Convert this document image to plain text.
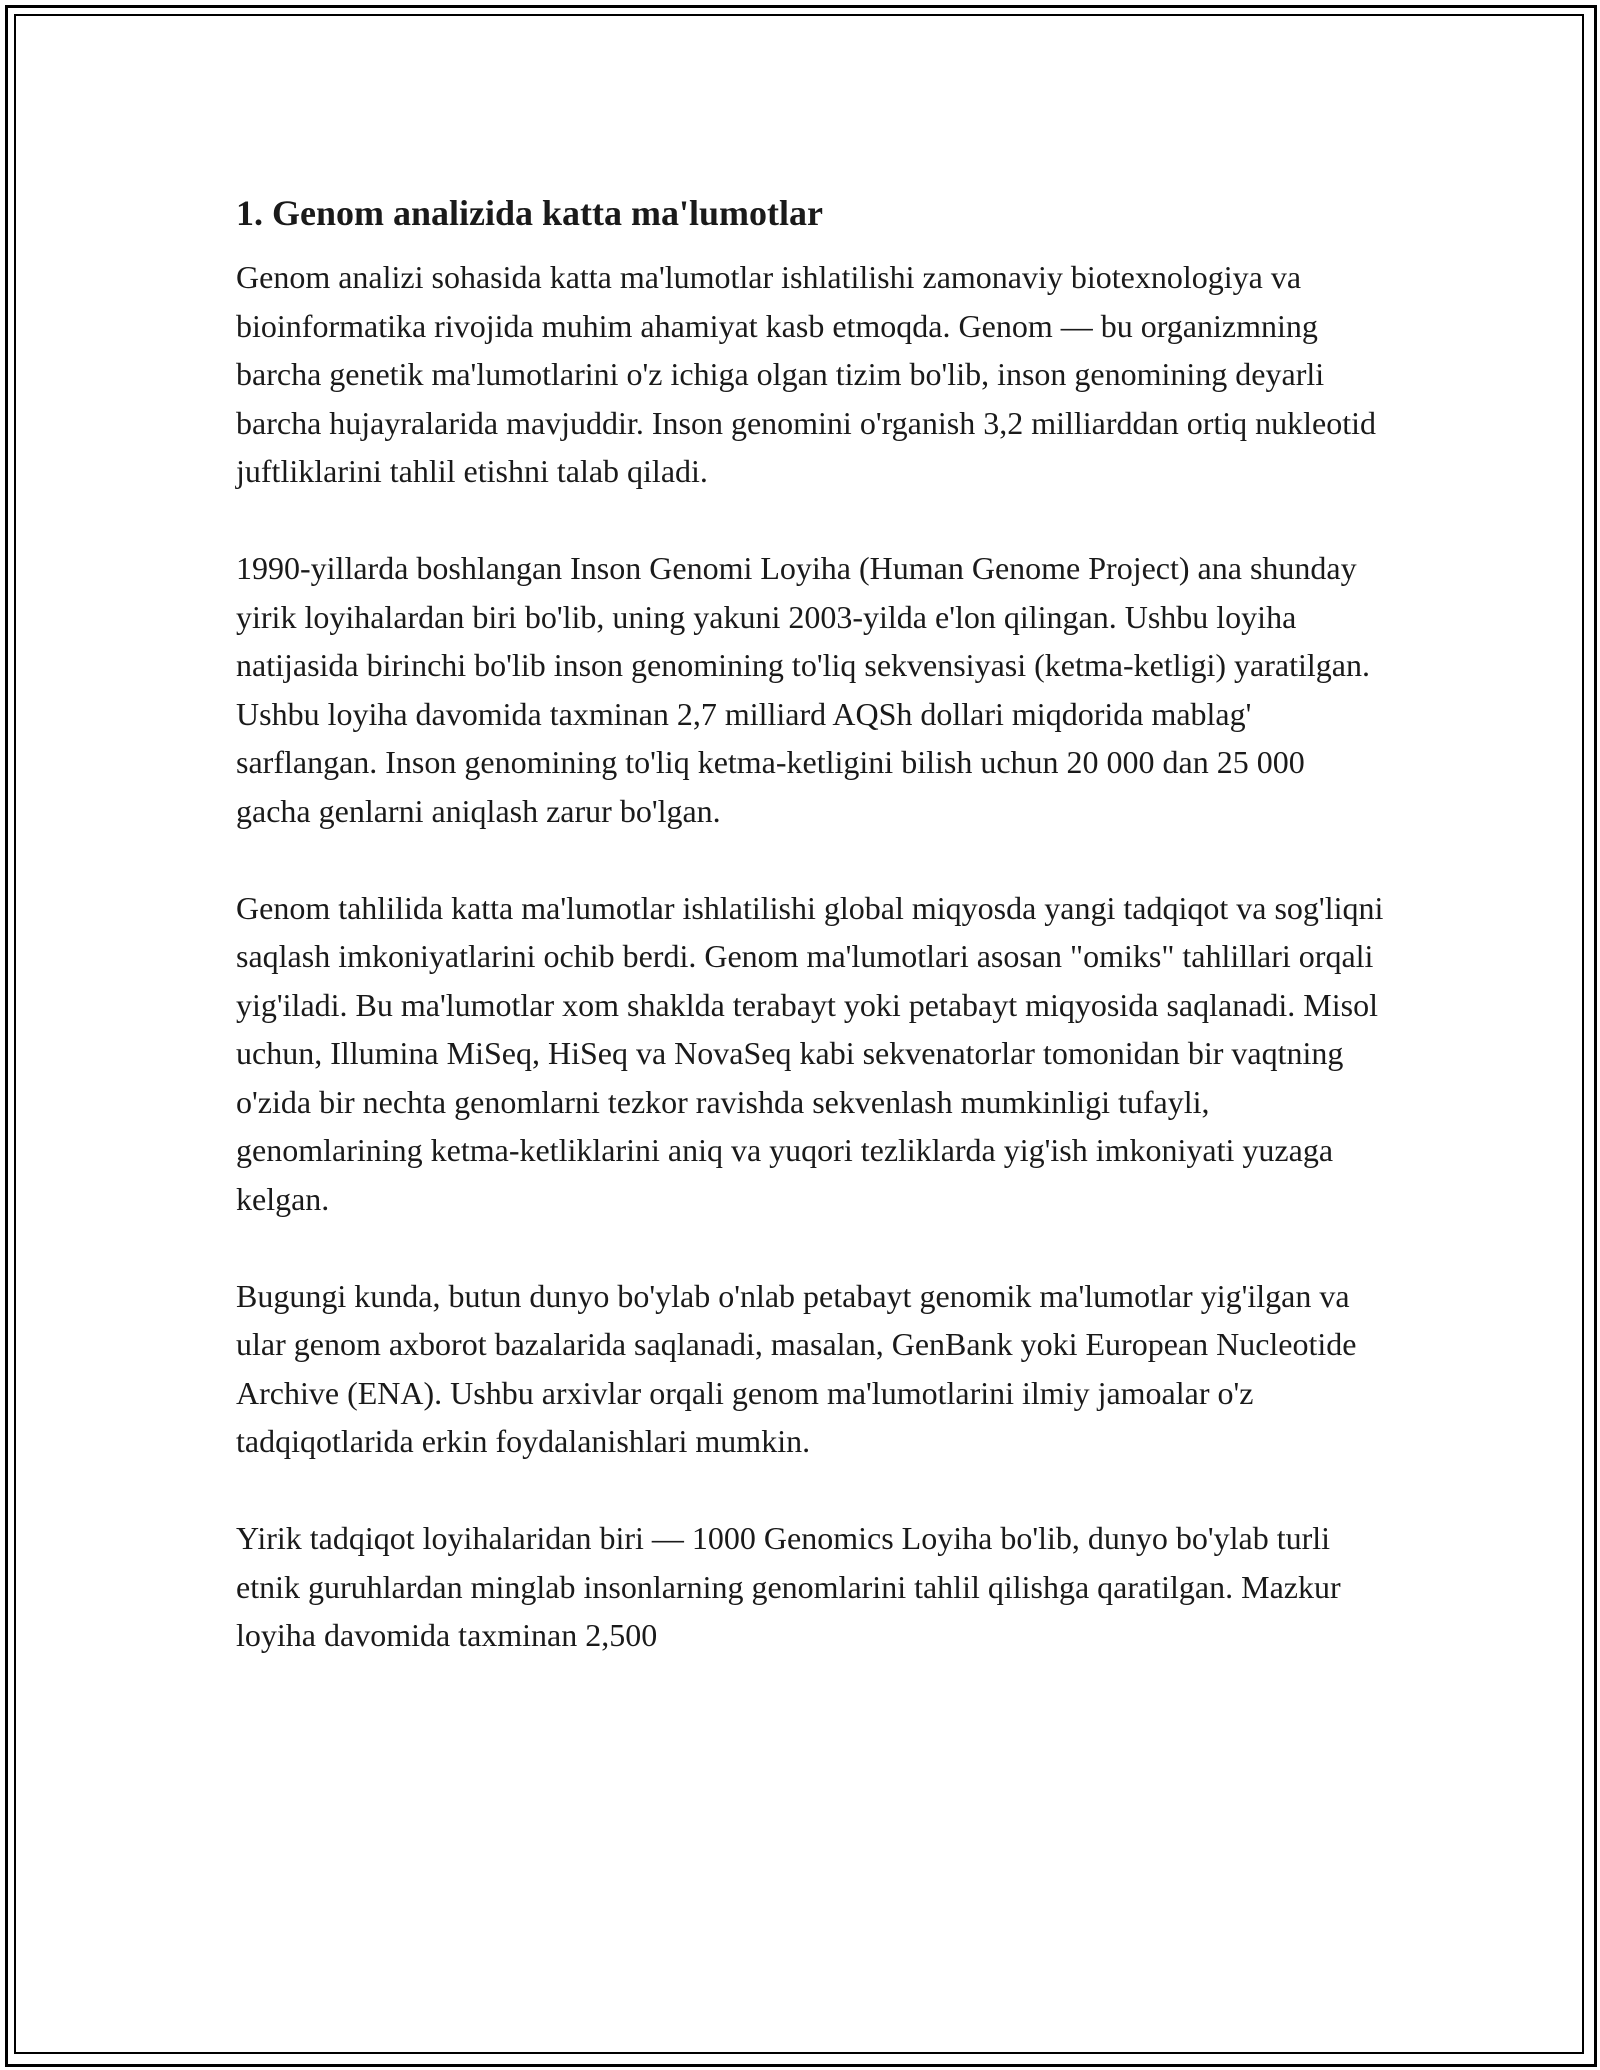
1. Genom analizida katta ma'lumotlar

Genom analizi sohasida katta ma'lumotlar ishlatilishi zamonaviy biotexnologiya va bioinformatika rivojida muhim ahamiyat kasb etmoqda. Genom — bu organizmning barcha genetik ma'lumotlarini o'z ichiga olgan tizim bo'lib, inson genomining deyarli barcha hujayralarida mavjuddir. Inson genomini o'rganish 3,2 milliarddan ortiq nukleotid juftliklarini tahlil etishni talab qiladi.

1990-yillarda boshlangan Inson Genomi Loyiha (Human Genome Project) ana shunday yirik loyihalardan biri bo'lib, uning yakuni 2003-yilda e'lon qilingan. Ushbu loyiha natijasida birinchi bo'lib inson genomining to'liq sekvensiyasi (ketma-ketligi) yaratilgan. Ushbu loyiha davomida taxminan 2,7 milliard AQSh dollari miqdorida mablag' sarflangan. Inson genomining to'liq ketma-ketligini bilish uchun 20 000 dan 25 000 gacha genlarni aniqlash zarur bo'lgan.

Genom tahlilida katta ma'lumotlar ishlatilishi global miqyosda yangi tadqiqot va sog'liqni saqlash imkoniyatlarini ochib berdi. Genom ma'lumotlari asosan "omiks" tahlillari orqali yig'iladi. Bu ma'lumotlar xom shaklda terabayt yoki petabayt miqyosida saqlanadi. Misol uchun, Illumina MiSeq, HiSeq va NovaSeq kabi sekvenatorlar tomonidan bir vaqtning o'zida bir nechta genomlarni tezkor ravishda sekvenlash mumkinligi tufayli, genomlarining ketma-ketliklarini aniq va yuqori tezliklarda yig'ish imkoniyati yuzaga kelgan.

Bugungi kunda, butun dunyo bo'ylab o'nlab petabayt genomik ma'lumotlar yig'ilgan va ular genom axborot bazalarida saqlanadi, masalan, GenBank yoki European Nucleotide Archive (ENA). Ushbu arxivlar orqali genom ma'lumotlarini ilmiy jamoalar o'z tadqiqotlarida erkin foydalanishlari mumkin.

Yirik tadqiqot loyihalaridan biri — 1000 Genomics Loyiha bo'lib, dunyo bo'ylab turli etnik guruhlardan minglab insonlarning genomlarini tahlil qilishga qaratilgan. Mazkur loyiha davomida taxminan 2,500
